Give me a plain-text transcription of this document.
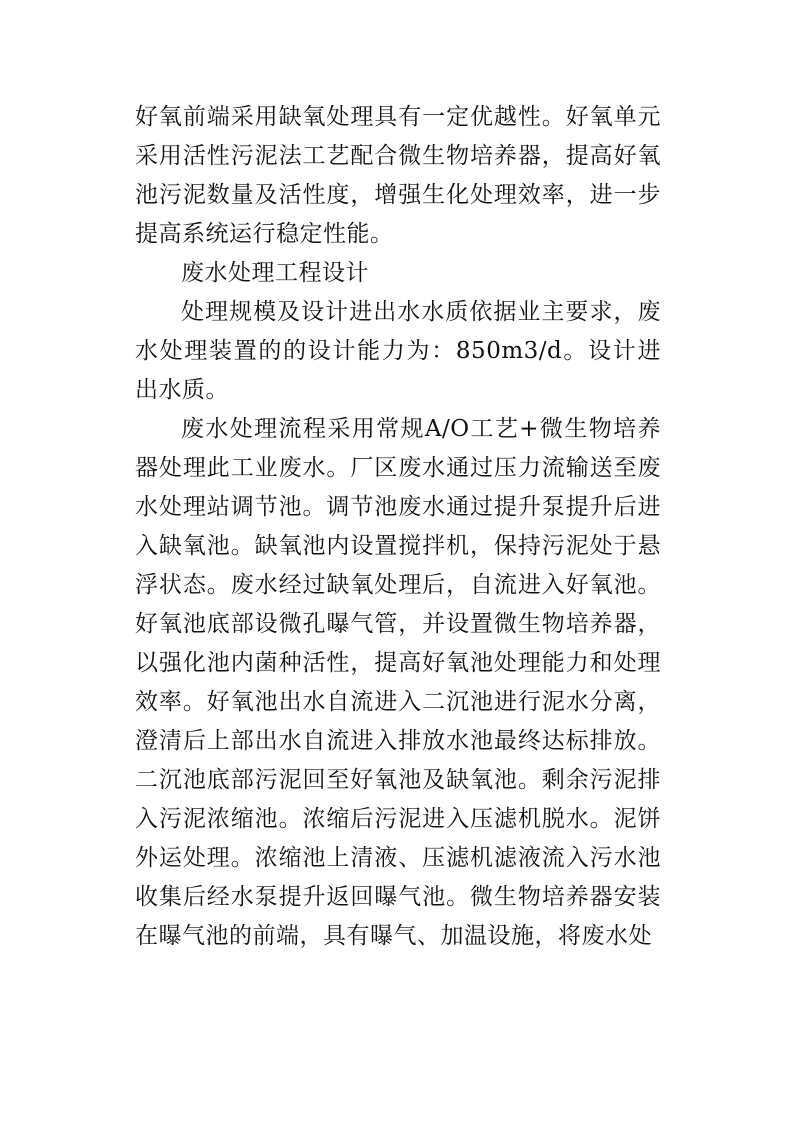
好氧前端采用缺氧处理具有一定优越性。好氧单元采用活性污泥法工艺配合微生物培养器，提高好氧池污泥数量及活性度，增强生化处理效率，进一步提高系统运行稳定性能。

废水处理工程设计

处理规模及设计进出水水质依据业主要求，废水处理装置的的设计能力为：850m3/d。设计进出水质。

废水处理流程采用常规A/O工艺+微生物培养器处理此工业废水。厂区废水通过压力流输送至废水处理站调节池。调节池废水通过提升泵提升后进入缺氧池。缺氧池内设置搅拌机，保持污泥处于悬浮状态。废水经过缺氧处理后，自流进入好氧池。好氧池底部设微孔曝气管，并设置微生物培养器，以强化池内菌种活性，提高好氧池处理能力和处理效率。好氧池出水自流进入二沉池进行泥水分离，澄清后上部出水自流进入排放水池最终达标排放。二沉池底部污泥回至好氧池及缺氧池。剩余污泥排入污泥浓缩池。浓缩后污泥进入压滤机脱水。泥饼外运处理。浓缩池上清液、压滤机滤液流入污水池收集后经水泵提升返回曝气池。微生物培养器安装在曝气池的前端，具有曝气、加温设施，将废水处
